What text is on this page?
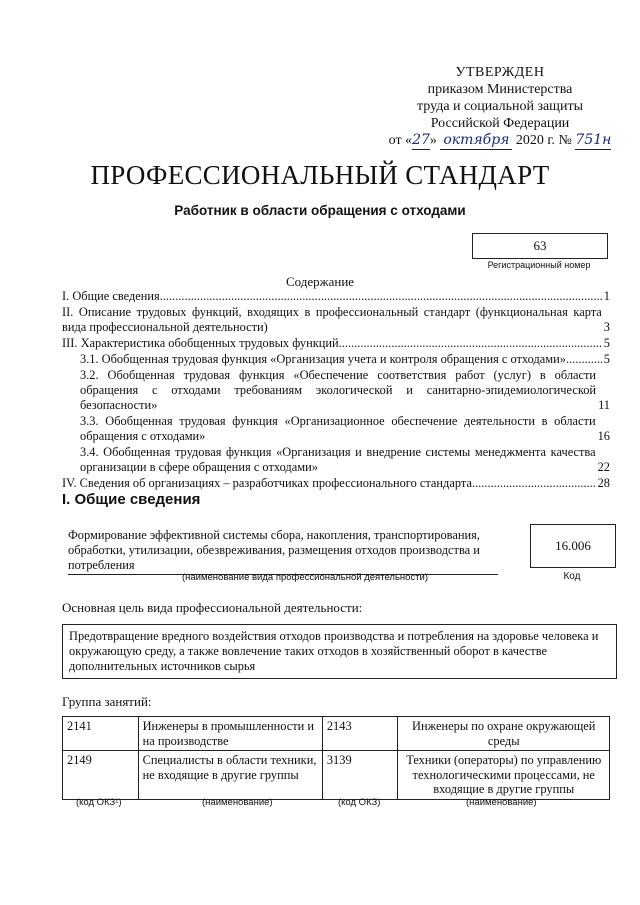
УТВЕРЖДЕН
приказом Министерства
труда и социальной защиты
Российской Федерации
от «27» октября 2020 г. № 751н
ПРОФЕССИОНАЛЬНЫЙ СТАНДАРТ
Работник в области обращения с отходами
63
Регистрационный номер
Содержание
I. Общие сведения .....	1
II. Описание трудовых функций, входящих в профессиональный стандарт (функциональная карта вида профессиональной деятельности)	3
III. Характеристика обобщенных трудовых функций .....	5
3.1. Обобщенная трудовая функция «Организация учета и контроля обращения с отходами» .....	5
3.2. Обобщенная трудовая функция «Обеспечение соответствия работ (услуг) в области обращения с отходами требованиям экологической и санитарно-эпидемиологической безопасности»	11
3.3. Обобщенная трудовая функция «Организационное обеспечение деятельности в области обращения с отходами»	16
3.4. Обобщенная трудовая функция «Организация и внедрение системы менеджмента качества организации в сфере обращения с отходами»	22
IV. Сведения об организациях – разработчиках профессионального стандарта .....	28
I. Общие сведения
Формирование эффективной системы сбора, накопления, транспортирования, обработки, утилизации, обезвреживания, размещения отходов производства и потребления
(наименование вида профессиональной деятельности)
16.006
Код
Основная цель вида профессиональной деятельности:
Предотвращение вредного воздействия отходов производства и потребления на здоровье человека и окружающую среду, а также вовлечение таких отходов в хозяйственный оборот в качестве дополнительных источников сырья
Группа занятий:
2141	Инженеры в промышленности и на производстве	2143	Инженеры по охране окружающей среды
2149	Специалисты в области техники, не входящие в другие группы	3139	Техники (операторы) по управлению технологическими процессами, не входящие в другие группы
(код ОКЗ¹)	(наименование)	(код ОКЗ)	(наименование)
